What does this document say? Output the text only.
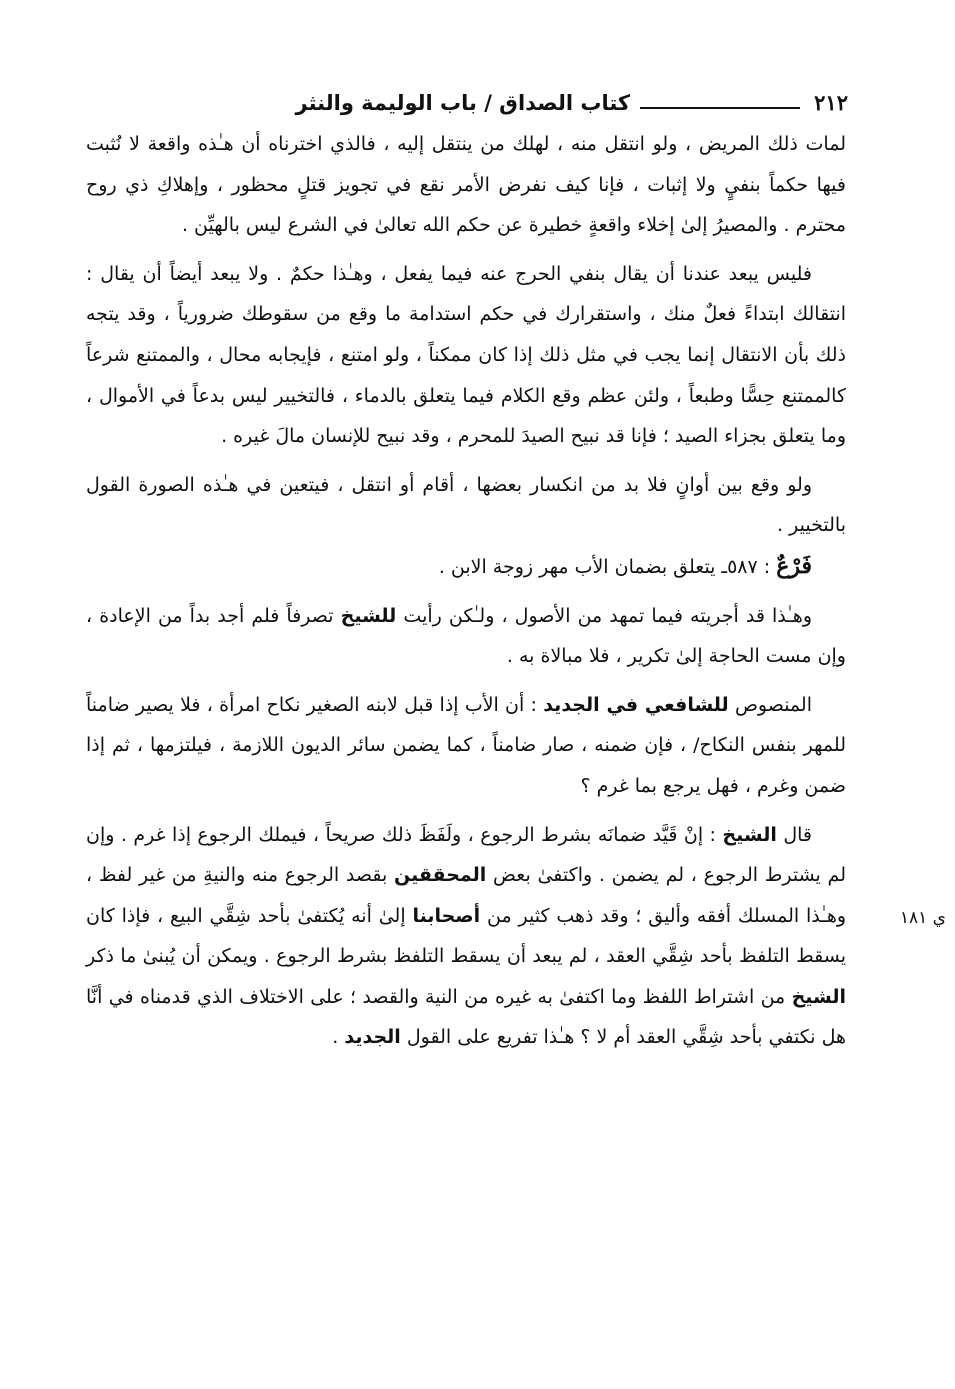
٢١٢
كتاب الصداق / باب الوليمة والنثر

لمات ذلك المريض ، ولو انتقل منه ، لهلك من ينتقل إليه ، فالذي اخترناه أن هـٰذه واقعة لا نُثبت فيها حكماً بنفيٍ ولا إثبات ، فإنا كيف نفرض الأمر نقع في تجويز قتلٍ محظور ، وإهلاكِ ذي روح محترم . والمصيرُ إلىٰ إخلاء واقعةٍ خطيرة عن حكم الله تعالىٰ في الشرع ليس بالهيِّن .

فليس يبعد عندنا أن يقال بنفي الحرج عنه فيما يفعل ، وهـٰذا حكمٌ . ولا يبعد أيضاً أن يقال : انتقالك ابتداءً فعلٌ منك ، واستقرارك في حكم استدامة ما وقع من سقوطك ضرورياً ، وقد يتجه ذلك بأن الانتقال إنما يجب في مثل ذلك إذا كان ممكناً ، ولو امتنع ، فإيجابه محال ، والممتنع شرعاً كالممتنع حِسًّا وطبعاً ، ولئن عظم وقع الكلام فيما يتعلق بالدماء ، فالتخيير ليس بدعاً في الأموال ، وما يتعلق بجزاء الصيد ؛ فإنا قد نبيح الصيدَ للمحرم ، وقد نبيح للإنسان مالَ غيره .

ولو وقع بين أوانٍ فلا بد من انكسار بعضها ، أقام أو انتقل ، فيتعين في هـٰذه الصورة القول بالتخيير .

فَرْعٌ : ٥٨٧ـ يتعلق بضمان الأب مهر زوجة الابن .

وهـٰذا قد أجريته فيما تمهد من الأصول ، ولـٰكن رأيت للشيخ تصرفاً فلم أجد بداً من الإعادة ، وإن مست الحاجة إلىٰ تكرير ، فلا مبالاة به .

المنصوص للشافعي في الجديد : أن الأب إذا قبل لابنه الصغير نكاح امرأة ، فلا يصير ضامناً للمهر بنفس النكاح/ ، فإن ضمنه ، صار ضامناً ، كما يضمن سائر الديون اللازمة ، فيلتزمها ، ثم إذا ضمن وغرم ، فهل يرجع بما غرم ؟

قال الشيخ : إنْ قَيَّد ضمانَه بشرط الرجوع ، ولَفَظَ ذلك صريحاً ، فيملك الرجوع إذا غرم . وإن لم يشترط الرجوع ، لم يضمن . واكتفىٰ بعض المحققين بقصد الرجوع منه والنيةِ من غير لفظ ، وهـٰذا المسلك أفقه وأليق ؛ وقد ذهب كثير من أصحابنا إلىٰ أنه يُكتفىٰ بأحد شِقَّي البيع ، فإذا كان يسقط التلفظ بأحد شِقَّي العقد ، لم يبعد أن يسقط التلفظ بشرط الرجوع . ويمكن أن يُبنىٰ ما ذكر الشيخ من اشتراط اللفظ وما اكتفىٰ به غيره من النية والقصد ؛ على الاختلاف الذي قدمناه في أنَّا هل نكتفي بأحد شِقَّي العقد أم لا ؟ هـٰذا تفريع على القول الجديد .

ي ١٨١
